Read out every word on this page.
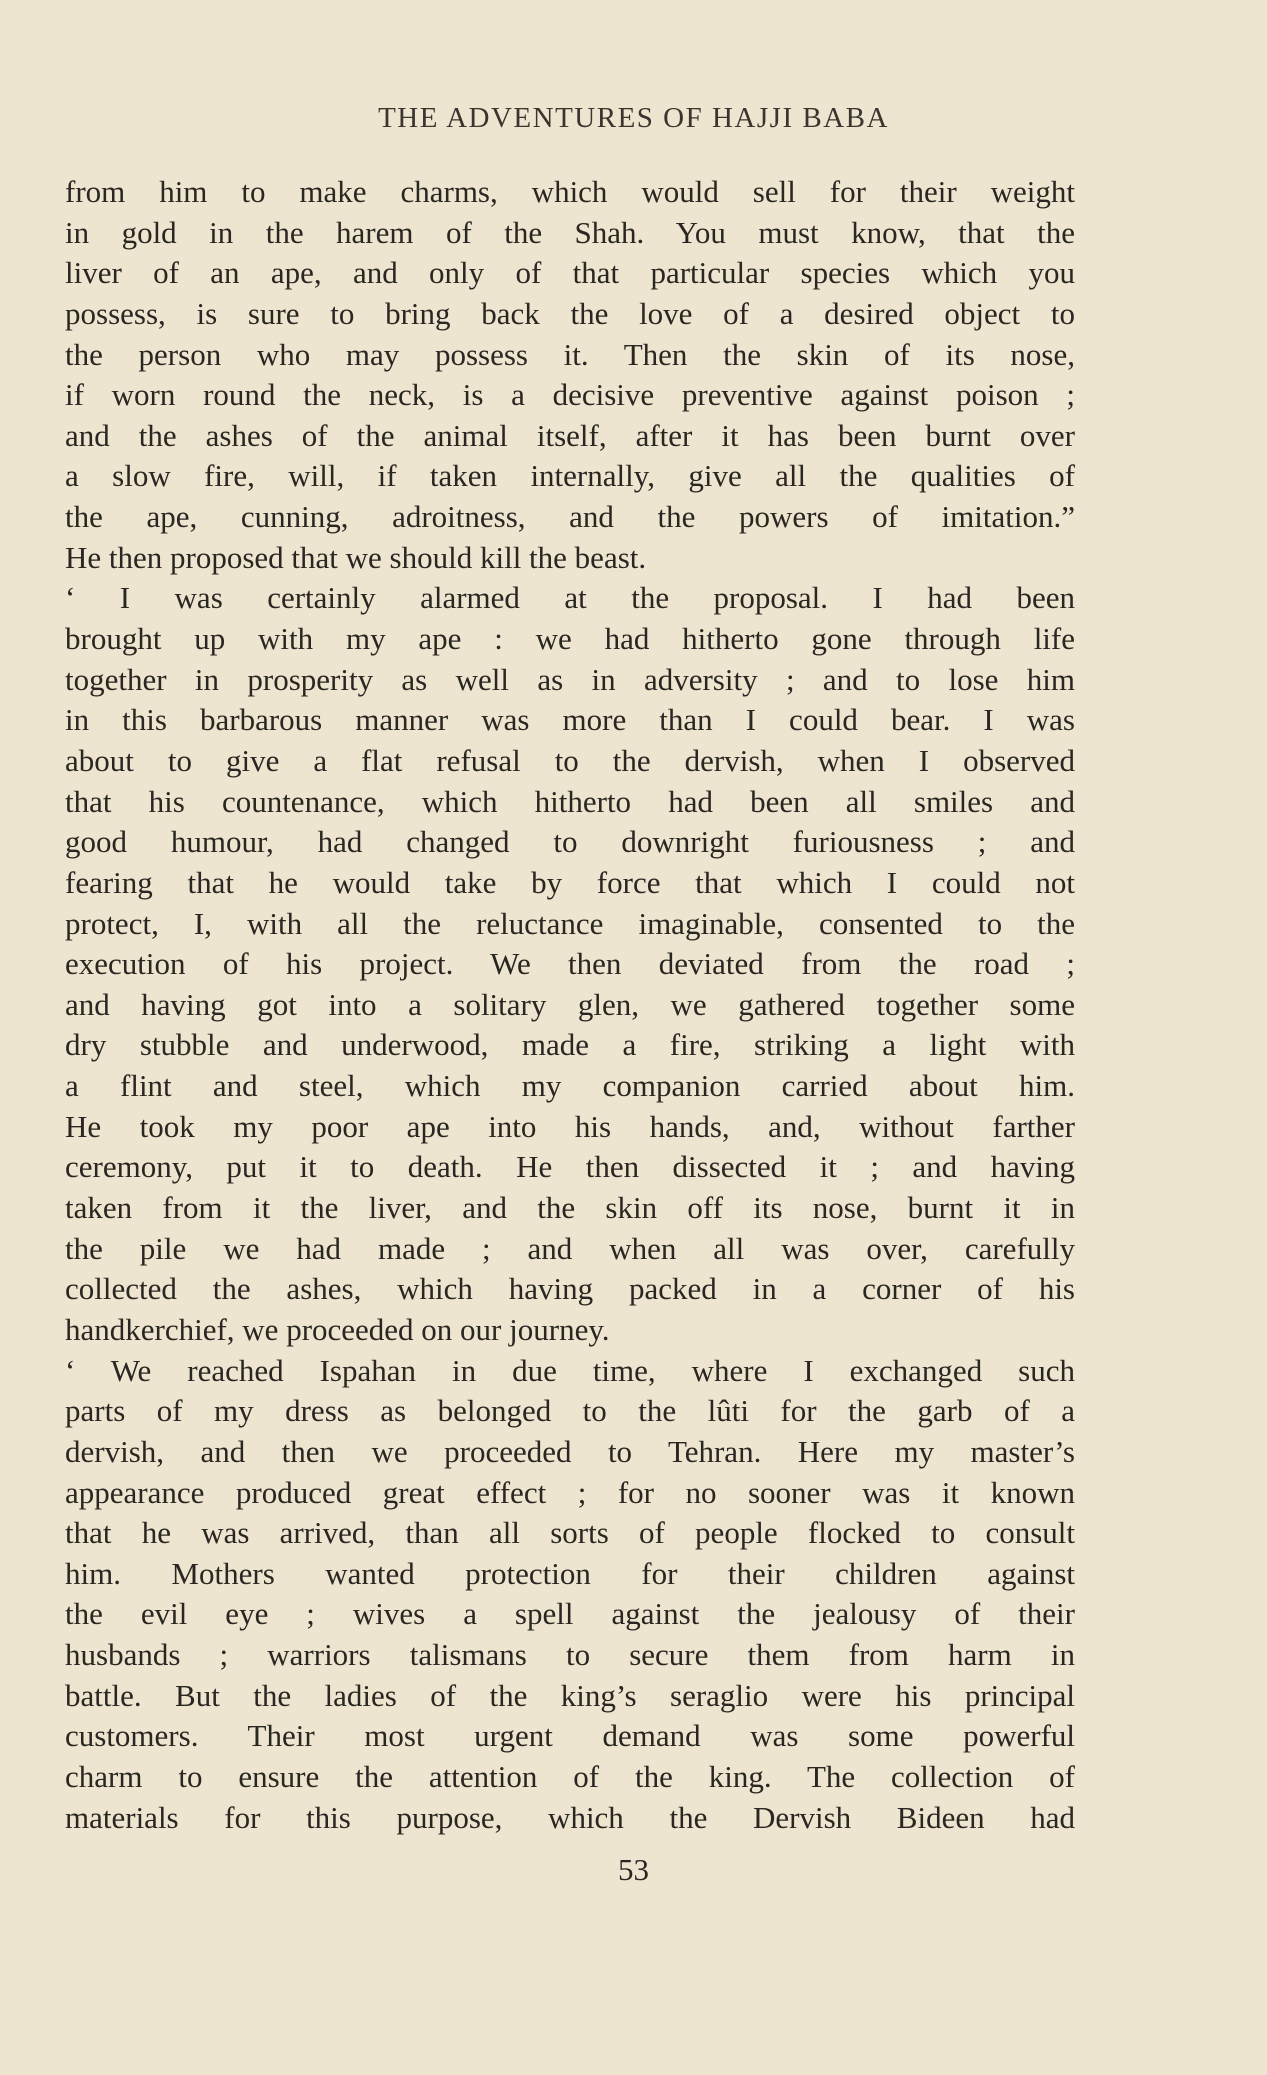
THE ADVENTURES OF HAJJI BABA
from him to make charms, which would sell for their weight
in gold in the harem of the Shah. You must know, that the
liver of an ape, and only of that particular species which you
possess, is sure to bring back the love of a desired object to
the person who may possess it. Then the skin of its nose,
if worn round the neck, is a decisive preventive against poison ;
and the ashes of the animal itself, after it has been burnt over
a slow fire, will, if taken internally, give all the qualities of
the ape, cunning, adroitness, and the powers of imitation.”
He then proposed that we should kill the beast.
‘ I was certainly alarmed at the proposal. I had been
brought up with my ape : we had hitherto gone through life
together in prosperity as well as in adversity ; and to lose him
in this barbarous manner was more than I could bear. I was
about to give a flat refusal to the dervish, when I observed
that his countenance, which hitherto had been all smiles and
good humour, had changed to downright furiousness ; and
fearing that he would take by force that which I could not
protect, I, with all the reluctance imaginable, consented to the
execution of his project. We then deviated from the road ;
and having got into a solitary glen, we gathered together some
dry stubble and underwood, made a fire, striking a light with
a flint and steel, which my companion carried about him.
He took my poor ape into his hands, and, without farther
ceremony, put it to death. He then dissected it ; and having
taken from it the liver, and the skin off its nose, burnt it in
the pile we had made ; and when all was over, carefully
collected the ashes, which having packed in a corner of his
handkerchief, we proceeded on our journey.
‘ We reached Ispahan in due time, where I exchanged such
parts of my dress as belonged to the lûti for the garb of a
dervish, and then we proceeded to Tehran. Here my master’s
appearance produced great effect ; for no sooner was it known
that he was arrived, than all sorts of people flocked to consult
him. Mothers wanted protection for their children against
the evil eye ; wives a spell against the jealousy of their
husbands ; warriors talismans to secure them from harm in
battle. But the ladies of the king’s seraglio were his principal
customers. Their most urgent demand was some powerful
charm to ensure the attention of the king. The collection of
materials for this purpose, which the Dervish Bideen had
53
